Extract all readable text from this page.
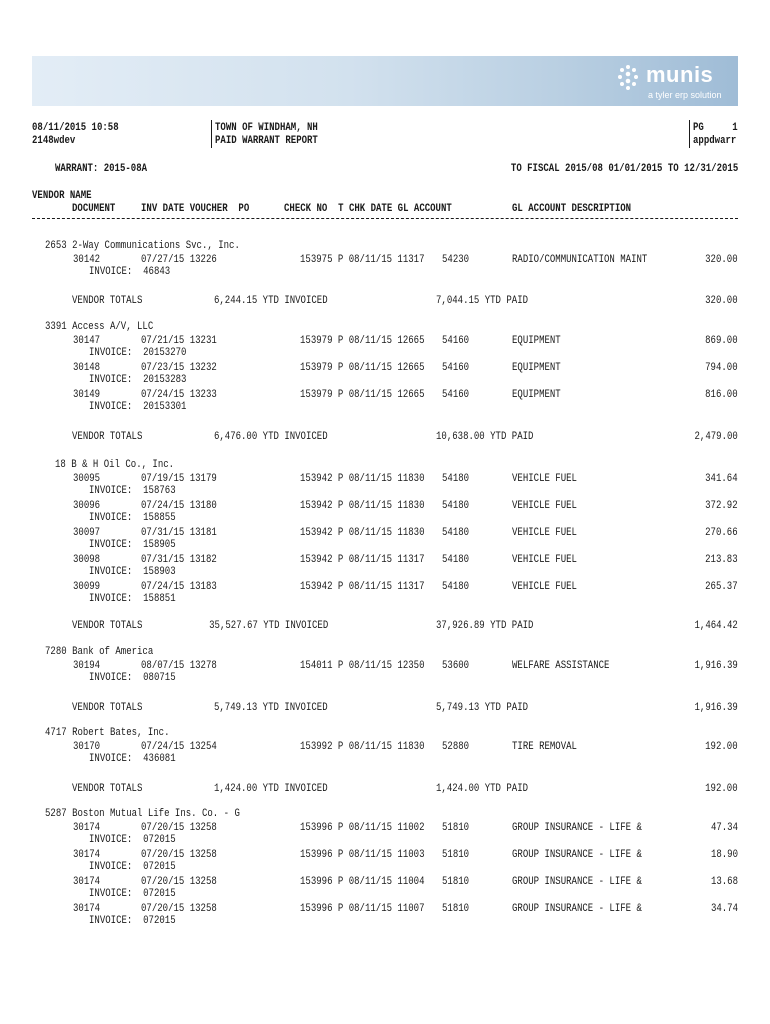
munis
a tyler erp solution
08/11/2015 10:58
2148wdev
TOWN OF WINDHAM, NH
PAID WARRANT REPORT
PG	1
appdwarr
WARRANT: 2015-08A	TO FISCAL 2015/08 01/01/2015 TO 12/31/2015
VENDOR NAME
DOCUMENT INV DATE VOUCHER  PO	CHECK NO  T CHK DATE GL ACCOUNT	GL ACCOUNT DESCRIPTION
2653 2-Way Communications Svc., Inc.
30142	07/27/15 13226	153975 P 08/11/15 11317 54230	RADIO/COMMUNICATION MAINT	320.00
INVOICE:  46843
VENDOR TOTALS	6,244.15 YTD INVOICED	7,044.15 YTD PAID	320.00
3391 Access A/V, LLC
30147	07/21/15 13231	153979 P 08/11/15 12665 54160	EQUIPMENT	869.00
INVOICE:  20153270
30148	07/23/15 13232	153979 P 08/11/15 12665 54160	EQUIPMENT	794.00
INVOICE:  20153283
30149	07/24/15 13233	153979 P 08/11/15 12665 54160	EQUIPMENT	816.00
INVOICE:  20153301
VENDOR TOTALS	6,476.00 YTD INVOICED	10,638.00 YTD PAID	2,479.00
18 B & H Oil Co., Inc.
30095	07/19/15 13179	153942 P 08/11/15 11830 54180	VEHICLE FUEL	341.64
INVOICE:  158763
30096	07/24/15 13180	153942 P 08/11/15 11830 54180	VEHICLE FUEL	372.92
INVOICE:  158855
30097	07/31/15 13181	153942 P 08/11/15 11830 54180	VEHICLE FUEL	270.66
INVOICE:  158905
30098	07/31/15 13182	153942 P 08/11/15 11317 54180	VEHICLE FUEL	213.83
INVOICE:  158903
30099	07/24/15 13183	153942 P 08/11/15 11317 54180	VEHICLE FUEL	265.37
INVOICE:  158851
VENDOR TOTALS	35,527.67 YTD INVOICED	37,926.89 YTD PAID	1,464.42
7280 Bank of America
30194	08/07/15 13278	154011 P 08/11/15 12350 53600	WELFARE ASSISTANCE	1,916.39
INVOICE:  080715
VENDOR TOTALS	5,749.13 YTD INVOICED	5,749.13 YTD PAID	1,916.39
4717 Robert Bates, Inc.
30170	07/24/15 13254	153992 P 08/11/15 11830 52880	TIRE REMOVAL	192.00
INVOICE:  436081
VENDOR TOTALS	1,424.00 YTD INVOICED	1,424.00 YTD PAID	192.00
5287 Boston Mutual Life Ins. Co. - G
30174	07/20/15 13258	153996 P 08/11/15 11002 51810	GROUP INSURANCE - LIFE &	47.34
INVOICE:  072015
30174	07/20/15 13258	153996 P 08/11/15 11003 51810	GROUP INSURANCE - LIFE &	18.90
INVOICE:  072015
30174	07/20/15 13258	153996 P 08/11/15 11004 51810	GROUP INSURANCE - LIFE &	13.68
INVOICE:  072015
30174	07/20/15 13258	153996 P 08/11/15 11007 51810	GROUP INSURANCE - LIFE &	34.74
INVOICE:  072015
